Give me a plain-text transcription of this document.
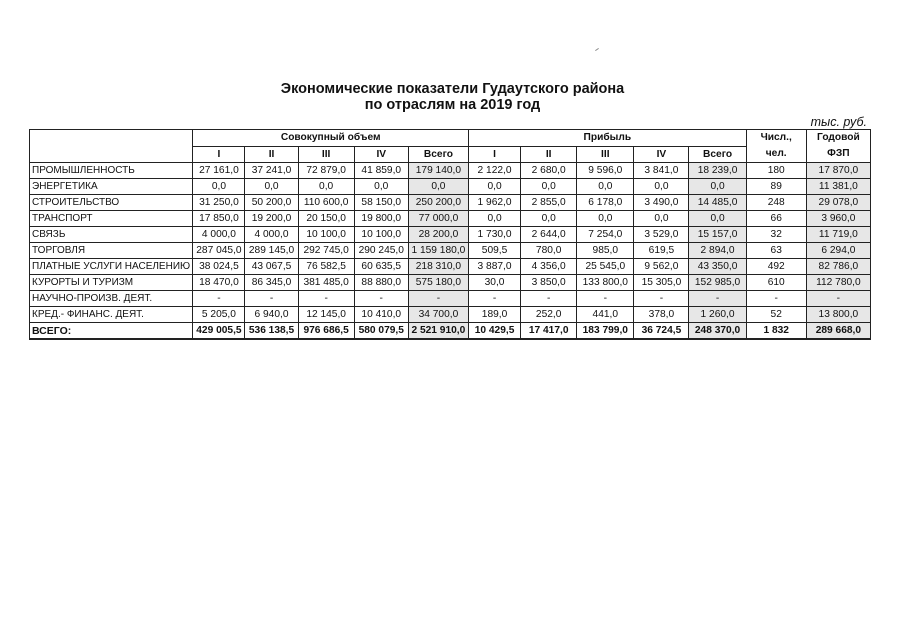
Экономические показатели Гудаутского района
по отраслям на 2019 год
тыс. руб.
	Совокупный объем					Прибыль					Числ.,	Годовой
	I	II	III	IV	Всего	I	II	III	IV	Всего	чел.	ФЗП
ПРОМЫШЛЕННОСТЬ	27 161,0	37 241,0	72 879,0	41 859,0	179 140,0	2 122,0	2 680,0	9 596,0	3 841,0	18 239,0	180	17 870,0
ЭНЕРГЕТИКА	0,0	0,0	0,0	0,0	0,0	0,0	0,0	0,0	0,0	0,0	89	11 381,0
СТРОИТЕЛЬСТВО	31 250,0	50 200,0	110 600,0	58 150,0	250 200,0	1 962,0	2 855,0	6 178,0	3 490,0	14 485,0	248	29 078,0
ТРАНСПОРТ	17 850,0	19 200,0	20 150,0	19 800,0	77 000,0	0,0	0,0	0,0	0,0	0,0	66	3 960,0
СВЯЗЬ	4 000,0	4 000,0	10 100,0	10 100,0	28 200,0	1 730,0	2 644,0	7 254,0	3 529,0	15 157,0	32	11 719,0
ТОРГОВЛЯ	287 045,0	289 145,0	292 745,0	290 245,0	1 159 180,0	509,5	780,0	985,0	619,5	2 894,0	63	6 294,0
ПЛАТНЫЕ УСЛУГИ НАСЕЛЕНИЮ	38 024,5	43 067,5	76 582,5	60 635,5	218 310,0	3 887,0	4 356,0	25 545,0	9 562,0	43 350,0	492	82 786,0
КУРОРТЫ И ТУРИЗМ	18 470,0	86 345,0	381 485,0	88 880,0	575 180,0	30,0	3 850,0	133 800,0	15 305,0	152 985,0	610	112 780,0
НАУЧНО-ПРОИЗВ. ДЕЯТ.	-	-	-	-	-	-	-	-	-	-	-	-
КРЕД.- ФИНАНС. ДЕЯТ.	5 205,0	6 940,0	12 145,0	10 410,0	34 700,0	189,0	252,0	441,0	378,0	1 260,0	52	13 800,0
ВСЕГО:	429 005,5	536 138,5	976 686,5	580 079,5	2 521 910,0	10 429,5	17 417,0	183 799,0	36 724,5	248 370,0	1 832	289 668,0
